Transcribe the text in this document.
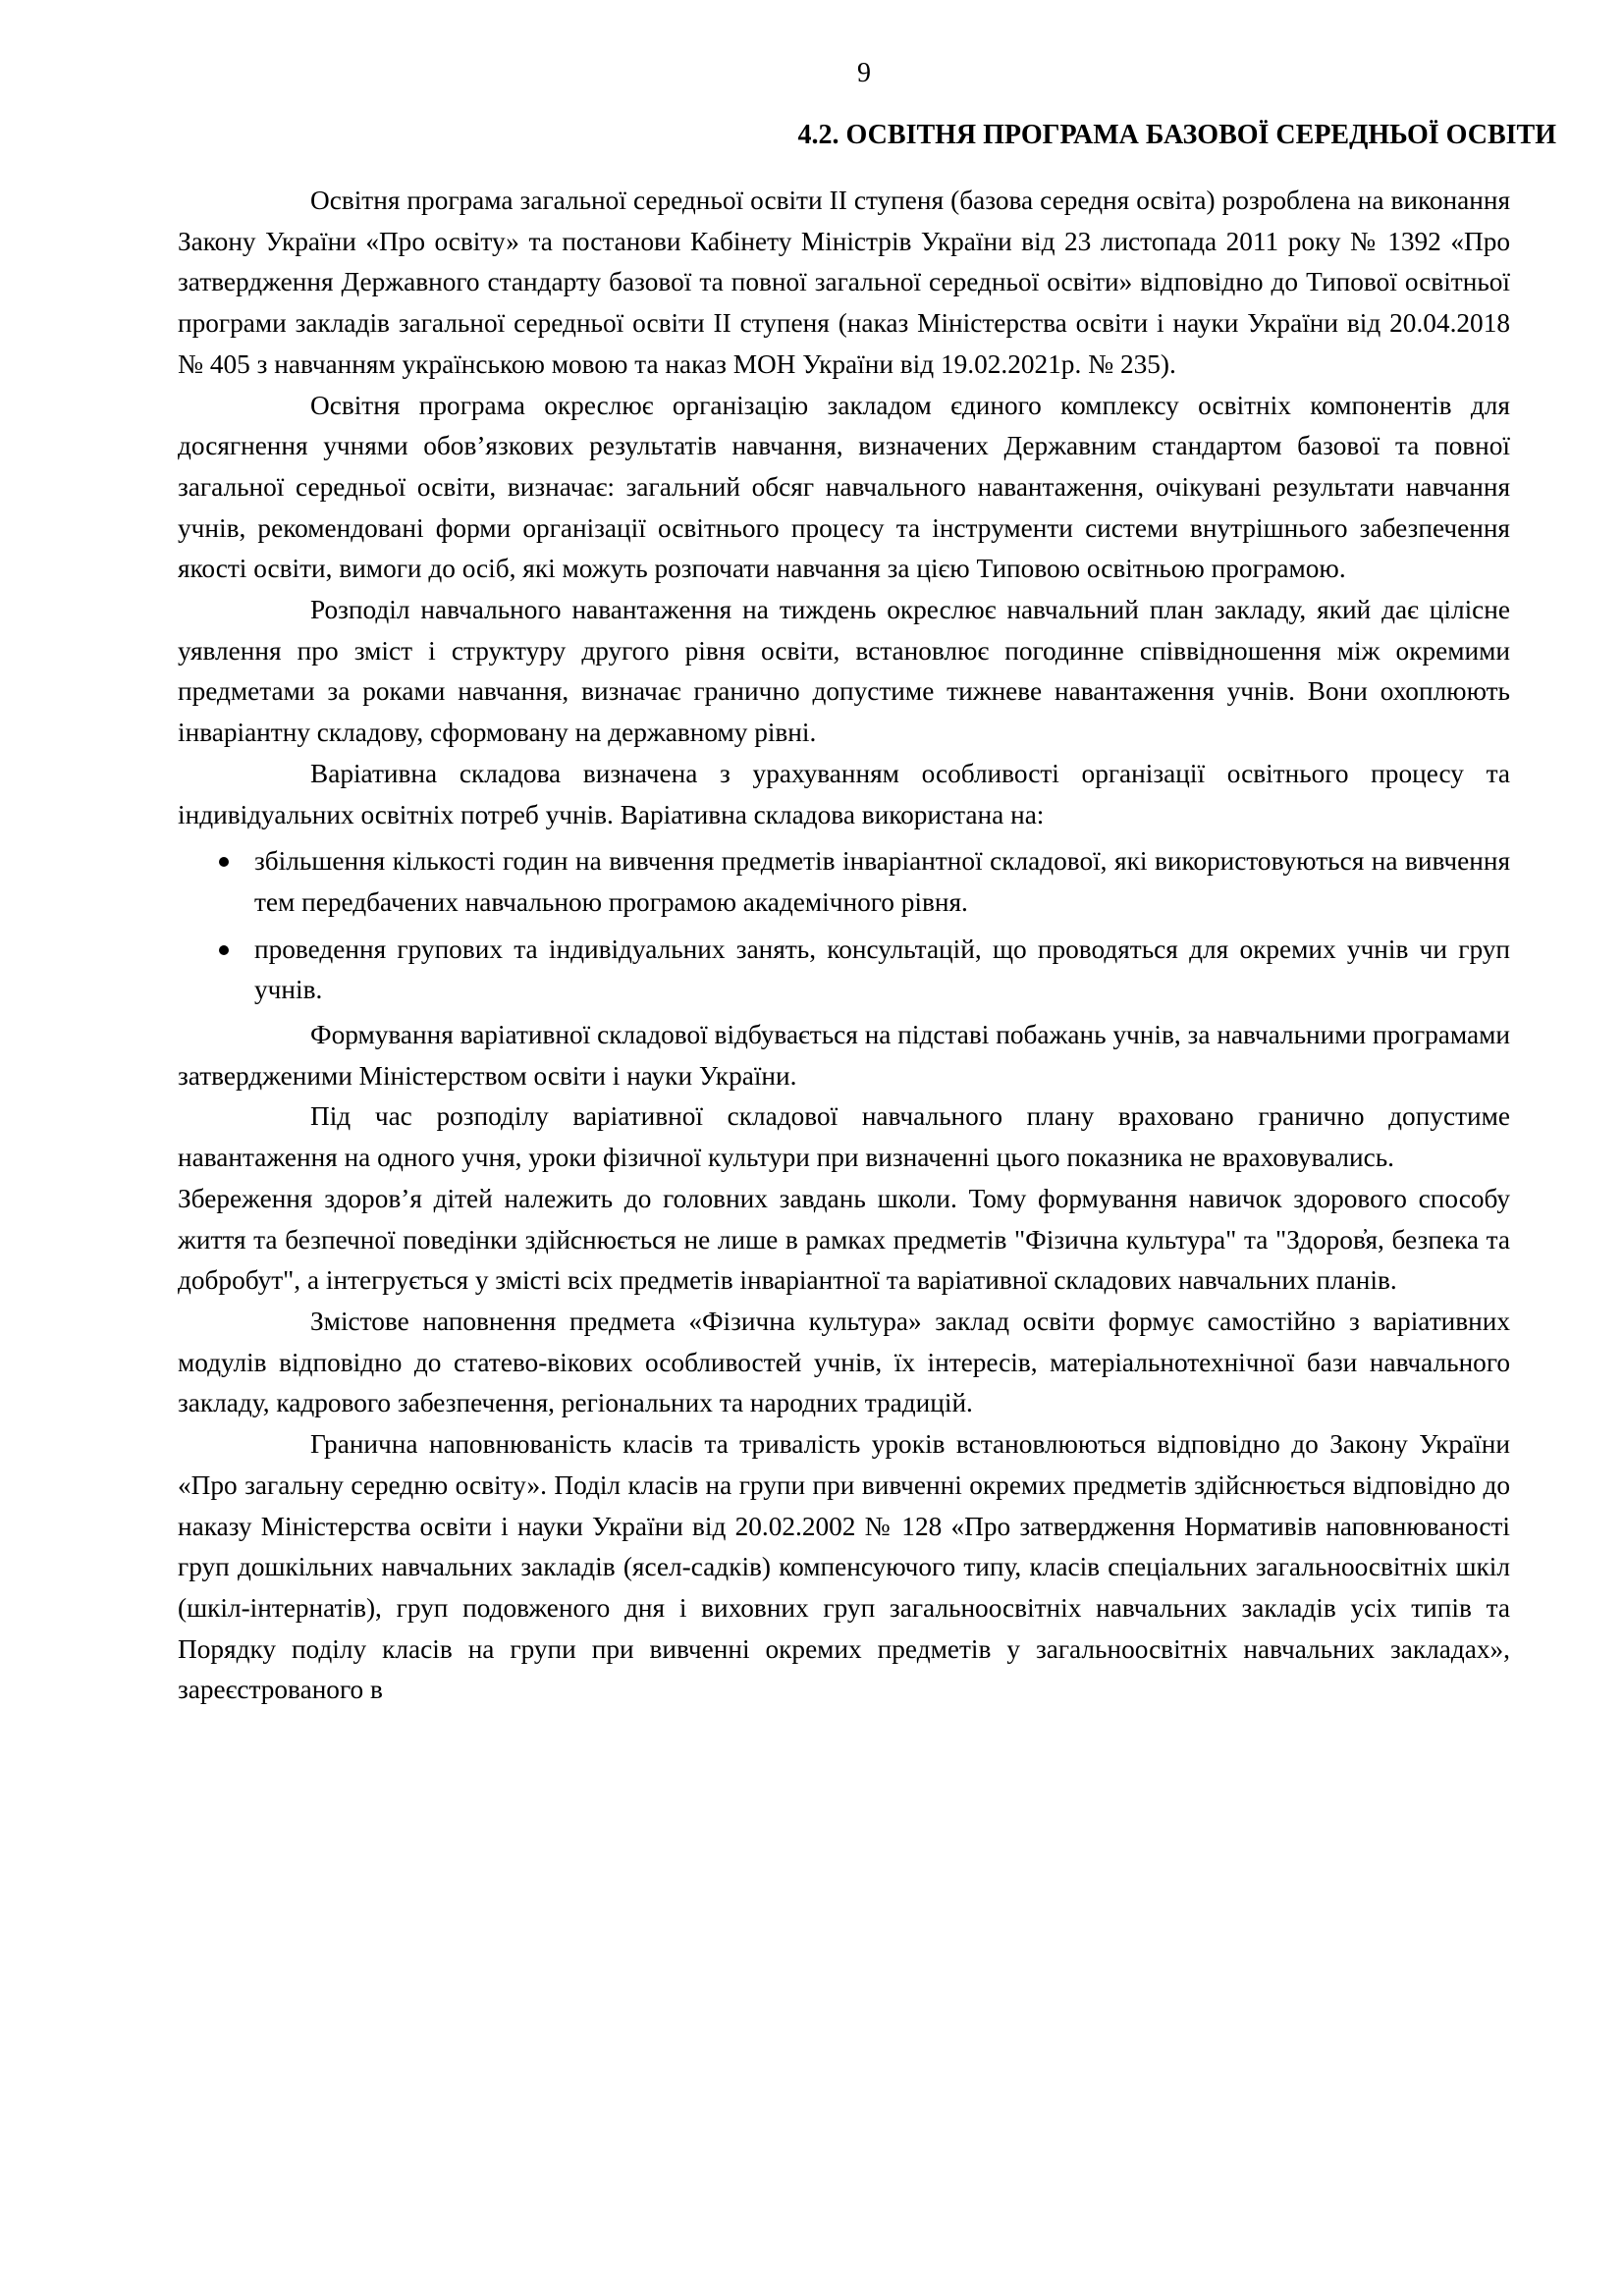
9
4.2. ОСВІТНЯ ПРОГРАМА БАЗОВОЇ СЕРЕДНЬОЇ ОСВІТИ

Освітня програма загальної середньої освіти ІІ ступеня (базова середня освіта) розроблена на виконання Закону України «Про освіту» та постанови Кабінету Міністрів України від 23 листопада 2011 року № 1392 «Про затвердження Державного стандарту базової та повної загальної середньої освіти» відповідно до Типової освітньої програми закладів загальної середньої освіти ІІ ступеня (наказ Міністерства освіти і науки України від 20.04.2018 № 405 з навчанням українською мовою та наказ МОН України від 19.02.2021р. № 235).

Освітня програма окреслює організацію закладом єдиного комплексу освітніх компонентів для досягнення учнями обов’язкових результатів навчання, визначених Державним стандартом базової та повної загальної середньої освіти, визначає: загальний обсяг навчального навантаження, очікувані результати навчання учнів, рекомендовані форми організації освітнього процесу та інструменти системи внутрішнього забезпечення якості освіти, вимоги до осіб, які можуть розпочати навчання за цією Типовою освітньою програмою.

Розподіл навчального навантаження на тиждень окреслює навчальний план закладу, який дає цілісне уявлення про зміст і структуру другого рівня освіти, встановлює погодинне співвідношення між окремими предметами за роками навчання, визначає гранично допустиме тижневе навантаження учнів. Вони охоплюють інваріантну складову, сформовану на державному рівні.

Варіативна складова визначена з урахуванням особливості організації освітнього процесу та індивідуальних освітніх потреб учнів. Варіативна складова використана на:

збільшення кількості годин на вивчення предметів інваріантної складової, які використовуються на вивчення тем передбачених навчальною програмою академічного рівня.
проведення групових та індивідуальних занять, консультацій, що проводяться для окремих учнів чи груп учнів.

Формування варіативної складової відбувається на підставі побажань учнів, за навчальними програмами затвердженими Міністерством освіти і науки України.

Під час розподілу варіативної складової навчального плану враховано гранично допустиме навантаження на одного учня, уроки фізичної культури при визначенні цього показника не враховувались.

Збереження здоров’я дітей належить до головних завдань школи. Тому формування навичок здорового способу життя та безпечної поведінки здійснюється не лише в рамках предметів "Фізична культура" та "Здоров̓я, безпека та добробут", а інтегрується у змісті всіх предметів інваріантної та варіативної складових навчальних планів.

Змістове наповнення предмета «Фізична культура» заклад освіти формує самостійно з варіативних модулів відповідно до статево-вікових особливостей учнів, їх інтересів, матеріальнотехнічної бази навчального закладу, кадрового забезпечення, регіональних та народних традицій.

Гранична наповнюваність класів та тривалість уроків встановлюються відповідно до Закону України «Про загальну середню освіту». Поділ класів на групи при вивченні окремих предметів здійснюється відповідно до наказу Міністерства освіти і науки України від 20.02.2002 № 128 «Про затвердження Нормативів наповнюваності груп дошкільних навчальних закладів (ясел-садків) компенсуючого типу, класів спеціальних загальноосвітніх шкіл (шкіл-інтернатів), груп подовженого дня і виховних груп загальноосвітніх навчальних закладів усіх типів та Порядку поділу класів на групи при вивченні окремих предметів у загальноосвітніх навчальних закладах», зареєстрованого в
